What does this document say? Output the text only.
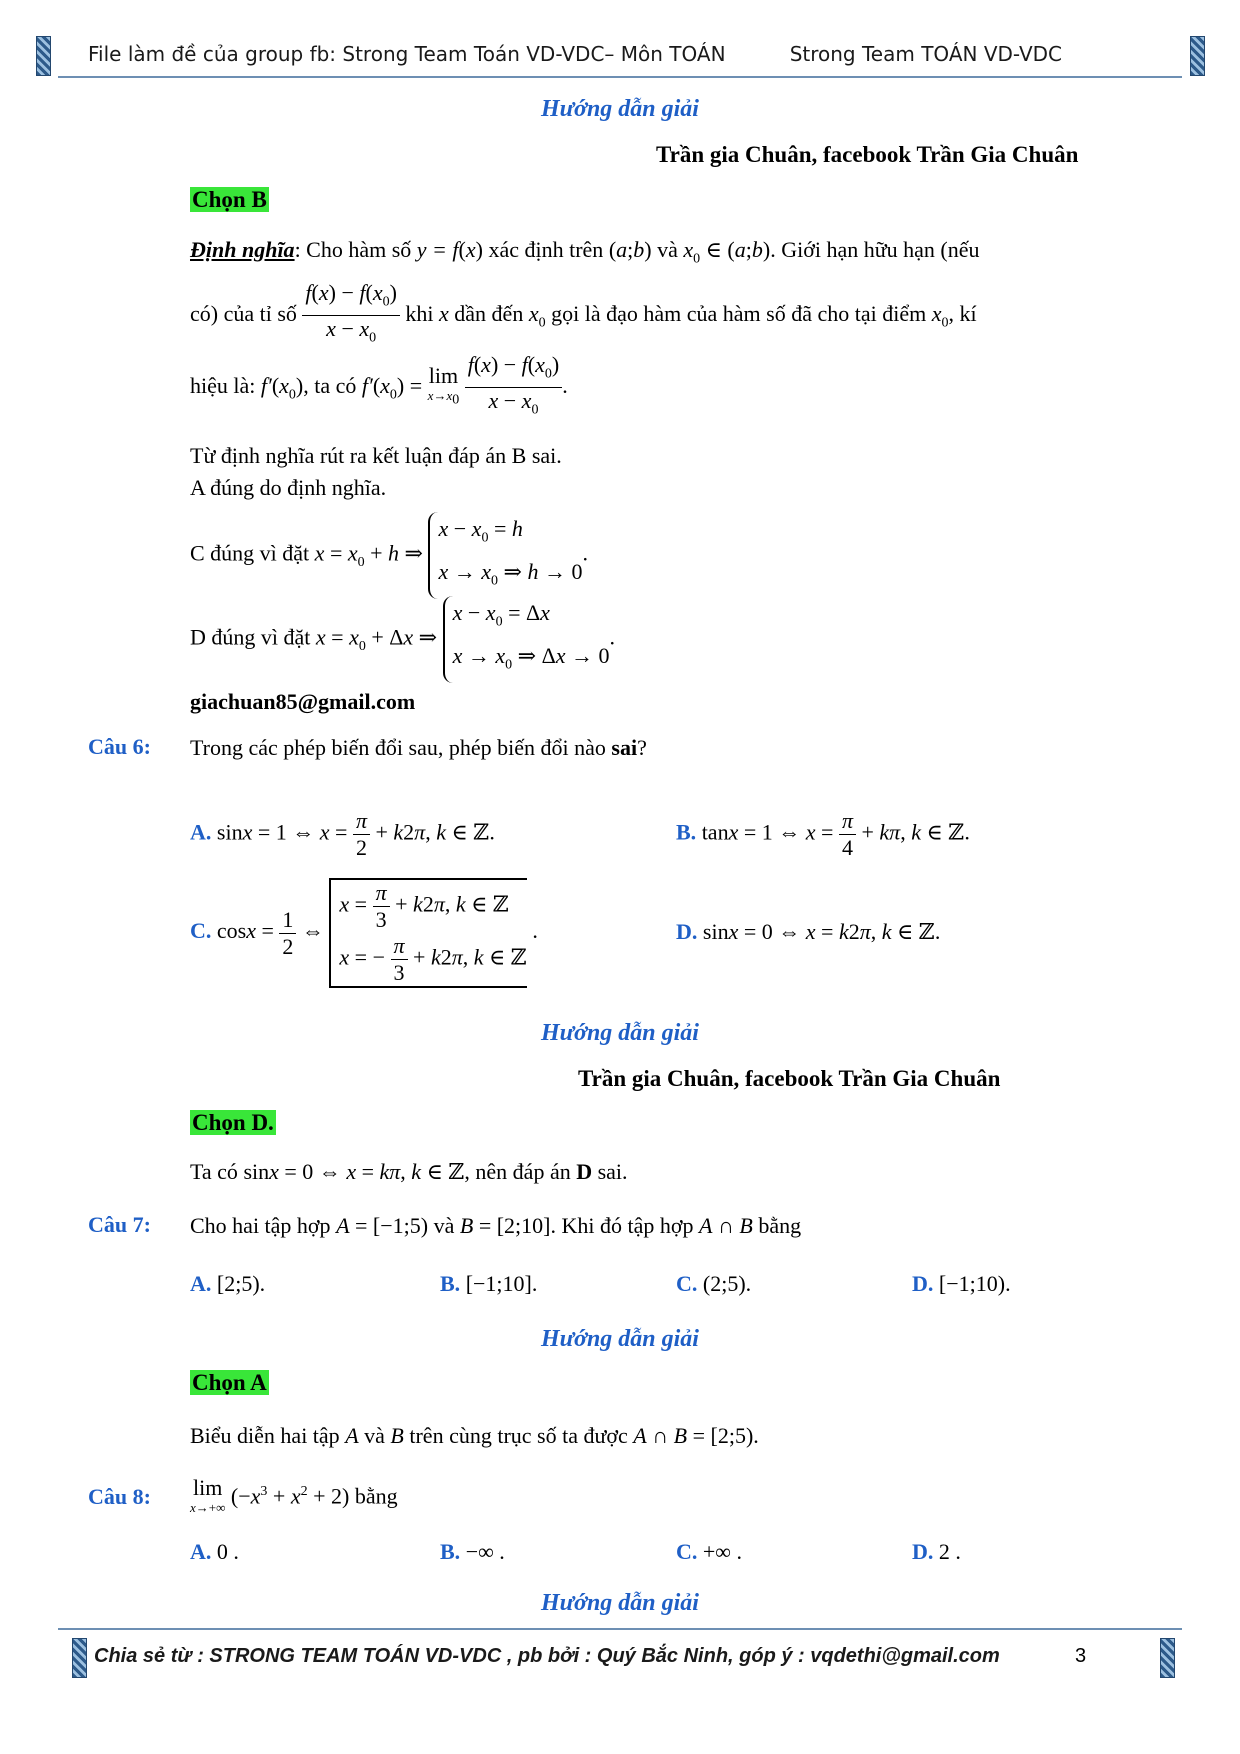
File làm đề của group fb: Strong Team Toán VD-VDC– Môn TOÁN	Strong Team TOÁN VD-VDC
Hướng dẫn giải
Trần gia Chuân, facebook Trần Gia Chuân
Chọn B
Định nghĩa: Cho hàm số y = f(x) xác định trên (a;b) và $x_0$ ∈ (a;b). Giới hạn hữu hạn (nếu
có) của tỉ số $\frac{f(x) - f(x_0)}{x - x_0}$ khi x dần đến $x_0$ gọi là đạo hàm của hàm số đã cho tại điểm $x_0$, kí
hiệu là: $f'(x_0)$, ta có $f'(x_0) = \lim$
$x\to x_0$
$\frac{f(x) - f(x_0)}{x - x_0}$ .
Từ định nghĩa rút ra kết luận đáp án B sai.
A đúng do định nghĩa.
C đúng vì đặt $x = x_0 + h$ ⇒
$x - x_0 = h$
$x \to x_0$ ⇒ h → 0
.
D đúng vì đặt $x = x_0 + \Delta x$ ⇒
$x - x_0 = \Delta x$
$x \to x_0$ ⇒ Δx → 0
.
giachuan85@gmail.com
Câu 6: Trong các phép biến đổi sau, phép biến đổi nào sai?
A. sinx = 1 ⇔ $x = \frac{\pi}{2} + k2\pi$, k ∈ ℤ.	B. tanx = 1 ⇔ $x = \frac{\pi}{4} + k\pi$, k ∈ ℤ.
C. $\cos x = \frac{1}{2}$ ⇔
$x = \frac{\pi}{3} + k2\pi$, k ∈ ℤ
x = − $\frac{\pi}{3} + k2\pi$, k ∈ ℤ
.	D. sinx = 0 ⇔ x = k2π, k ∈ ℤ.
Hướng dẫn giải
Trần gia Chuân, facebook Trần Gia Chuân
Chọn D.
Ta có sinx = 0 ⇔ x = kπ, k ∈ ℤ, nên đáp án D sai.
Câu 7: Cho hai tập hợp A = [−1;5) và B = [2;10]. Khi đó tập hợp A ∩ B bằng
A. [2;5).	B. [−1;10].	C. (2;5).	D. [−1;10).
Hướng dẫn giải
Chọn A
Biểu diễn hai tập A và B trên cùng trục số ta được A ∩ B = [2;5).
Câu 8: lim
x→+∞ $(-x^3 + x^2 + 2)$ bằng
A. 0 .	B. −∞ .	C. +∞ .	D. 2 .
Hướng dẫn giải
Chia sẻ từ : STRONG TEAM TOÁN VD-VDC , pb bởi : Quý Bắc Ninh, góp ý : vqdethi@gmail.com	3
